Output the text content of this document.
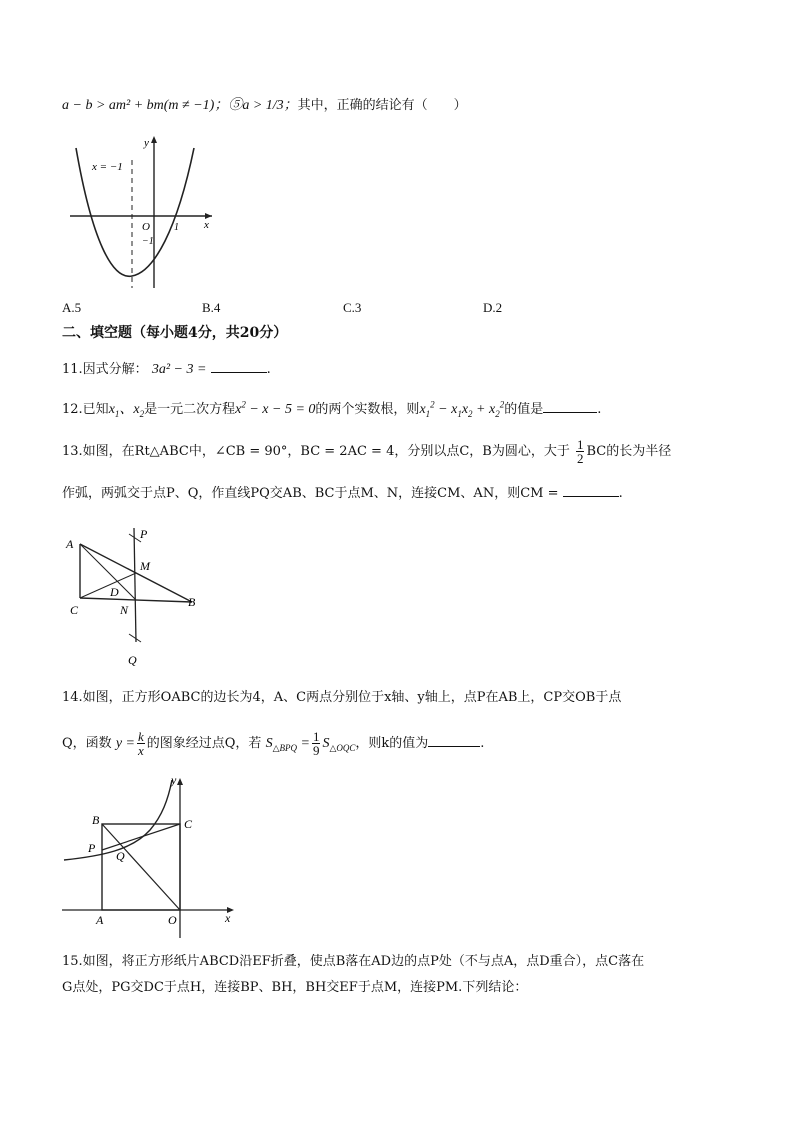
a − b > am² + bm(m ≠ −1)；⑤a > 1/3；其中，正确的结论有（　　）
x = −1
y
x
O 1
−1
A.5	B.4	C.3	D.2
二、填空题（每小题4分，共20分）
11.因式分解： 3a² − 3 =	.
12.已知$x_1$、$x_2$是一元二次方程$x^2 - x - 5 = 0$的两个实数根，则$x_1^2 - x_1x_2 + x_2^2$的值是	.
13.如图，在Rt△ABC中，∠CB = 90°，BC = 2AC = 4，分别以点C，B为圆心，大于 $\frac{1}{2}$ BC的长为半径
作弧，两弧交于点P、Q，作直线PQ交AB、BC于点M、N，连接CM、AN，则CM =	.
A
C
B
D
M
N
P
Q
14.如图，正方形OABC的边长为4，A、C两点分别位于x轴、y轴上，点P在AB上，CP交OB于点
Q，函数 $y = \frac{k}{x}$ 的图象经过点Q，若 $S_{\triangle BPQ} = \frac{1}{9} S_{\triangle OQC}$，则k的值为	.
B	C
P
Q
A	O	x
y
15.如图，将正方形纸片ABCD沿EF折叠，使点B落在AD边的点P处（不与点A，点D重合），点C落在
G点处，PG交DC于点H，连接BP、BH，BH交EF于点M，连接PM.下列结论：
